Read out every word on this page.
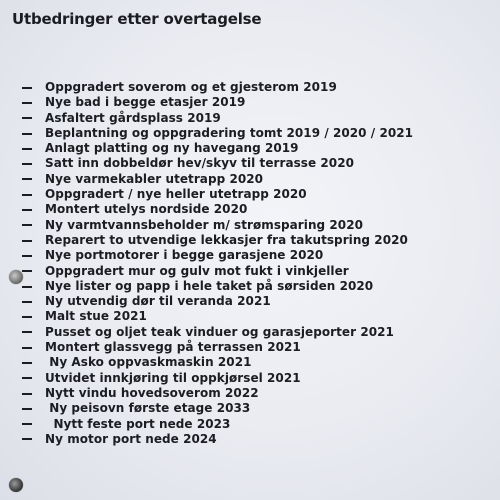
Utbedringer etter overtagelse
Oppgradert soverom og et gjesterom 2019
Nye bad i begge etasjer 2019
Asfaltert gårdsplass 2019
Beplantning og oppgradering tomt 2019 / 2020 / 2021
Anlagt platting og ny havegang 2019
Satt inn dobbeldør hev/skyv til terrasse 2020
Nye varmekabler utetrapp 2020
Oppgradert / nye heller utetrapp 2020
Montert utelys nordside 2020
Ny varmtvannsbeholder m/ strømsparing 2020
Reparert to utvendige lekkasjer fra takutspring 2020
Nye portmotorer i begge garasjene 2020
Oppgradert mur og gulv mot fukt i vinkjeller
Nye lister og papp i hele taket på sørsiden 2020
Ny utvendig dør til veranda 2021
Malt stue 2021
Pusset og oljet teak vinduer og garasjeporter 2021
Montert glassvegg på terrassen 2021
Ny Asko oppvaskmaskin 2021
Utvidet innkjøring til oppkjørsel 2021
Nytt vindu hovedsoverom 2022
Ny peisovn første etage 2033
Nytt feste port nede 2023
Ny motor port nede 2024
